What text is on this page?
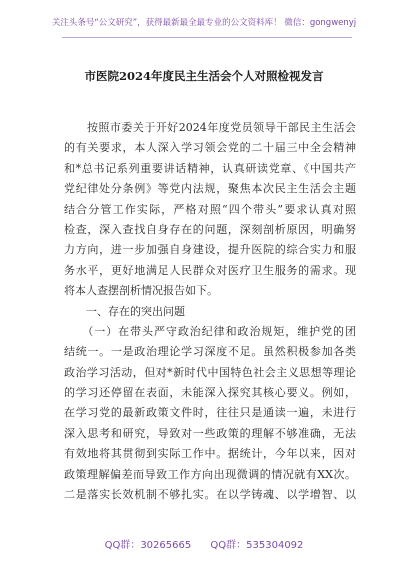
关注头条号“公文研究”，获得最新最全最专业的公文资料库！ 微信：gongwenyj
市医院2024年度民主生活会个人对照检视发言
　　按照市委关于开好2024年度党员领导干部民主生活会
的有关要求，本人深入学习领会党的二十届三中全会精神
和*总书记系列重要讲话精神，认真研读党章、《中国共产
党纪律处分条例》等党内法规，聚焦本次民主生活会主题
结合分管工作实际，严格对照“四个带头”要求认真对照
检查，深入查找自身存在的问题，深刻剖析原因，明确努
力方向，进一步加强自身建设，提升医院的综合实力和服
务水平，更好地满足人民群众对医疗卫生服务的需求。现
将本人查摆剖析情况报告如下。
　　一、存在的突出问题
　　（一）在带头严守政治纪律和政治规矩，维护党的团
结统一。一是政治理论学习深度不足。虽然积极参加各类
政治学习活动，但对*新时代中国特色社会主义思想等理论
的学习还停留在表面，未能深入探究其核心要义。例如，
在学习党的最新政策文件时，往往只是通读一遍，未进行
深入思考和研究，导致对一些政策的理解不够准确，无法
有效地将其贯彻到实际工作中。据统计，今年以来，因对
政策理解偏差而导致工作方向出现微调的情况就有XX次。
二是落实长效机制不够扎实。在以学铸魂、以学增智、以
QQ群：30265665 QQ群：535304092
